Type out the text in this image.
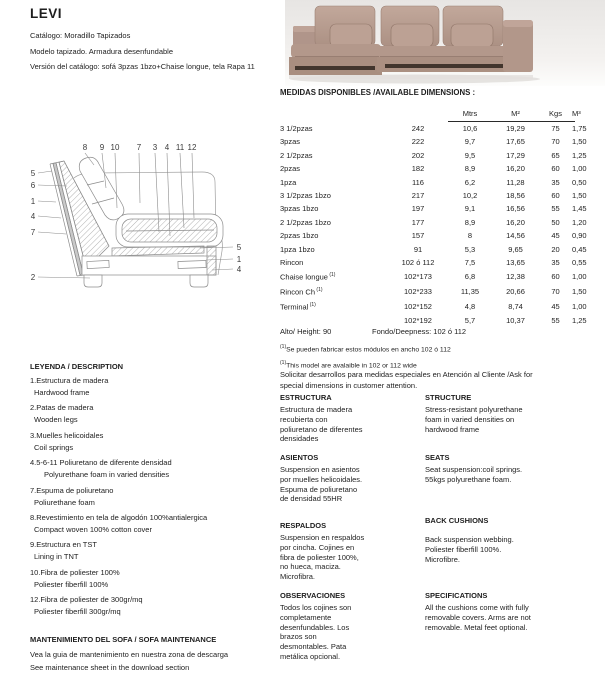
LEVI

Catálogo: Moradillo Tapizados

Modelo tapizado. Armadura desenfundable

Versión del catálogo: sofá 3pzas 1bzo+Chaise longue, tela Rapa 11

8 9 10 7 3 4 11 12
5
6
1
4
7
2
5
1
4
MEDIDAS DISPONIBLES /AVAILABLE DIMENSIONS :
		Mtrs	M²	Kgs	M³
3 1/2pzas	242	10,6	19,29	75	1,75
3pzas	222	9,7	17,65	70	1,50
2 1/2pzas	202	9,5	17,29	65	1,25
2pzas	182	8,9	16,20	60	1,00
1pza	116	6,2	11,28	35	0,50
3 1/2pzas 1bzo	217	10,2	18,56	60	1,50
3pzas 1bzo	197	9,1	16,56	55	1,45
2 1/2pzas 1bzo	177	8,9	16,20	50	1,20
2pzas 1bzo	157	8	14,56	45	0,90
1pza 1bzo	91	5,3	9,65	20	0,45
Rincon	102 ó 112	7,5	13,65	35	0,55
Chaise longue $^{(1)}$	102*173	6,8	12,38	60	1,00
Rincon Ch $^{(1)}$	102*233	11,35	20,66	70	1,50
Terminal $^{(1)}$	102*152	4,8	8,74	45	1,00
	102*192	5,7	10,37	55	1,25
Alto/ Height: 90	Fondo/Deepness: 102 ó 112
$^{(1)}$Se pueden fabricar estos módulos en ancho 102 ó 112
$^{(1)}$This model are avalaible in 102 or 112 wide
Solicitar desarrollos para medidas especiales en Atención al Cliente /Ask for
special dimensions in customer attention.
LEYENDA / DESCRIPTION
1.Estructura de madera
Hardwood frame
2.Patas de madera
Wooden legs
3.Muelles helicoidales
Coil springs
4.5-6-11 Poliuretano de diferente densidad
Polyurethane foam in varied densities
7.Espuma de poliuretano
Poliurethane foam
8.Revestimiento en tela de algodón 100%antialergica
Compact woven 100% cotton cover
9.Estructura en TST
Lining in TNT
10.Fibra de poliester 100%
Poliester fiberfill 100%
12.Fibra de poliester de 300gr/mq
Poliester fiberfill 300gr/mq
ESTRUCTURA
Estructura de madera
recubierta con
poliuretano de diferentes
densidades
STRUCTURE
Stress-resistant polyurethane
foam in varied densities on
hardwood frame
ASIENTOS
Suspension en asientos
por muelles helicoidales.
Espuma de poliuretano
de densidad 55HR
SEATS
Seat suspension:coil springs.
55kgs polyurethane foam.
RESPALDOS
Suspension en respaldos
por cincha. Cojines en
fibra de poliester 100%,
no hueca, maciza.
Microfibra.
BACK CUSHIONS
Back suspension webbing.
Poliester fiberfill 100%.
Microfibre.
OBSERVACIONES
Todos los cojines son
completamente
desenfundables. Los
brazos son
desmontables. Pata
metálica opcional.
SPECIFICATIONS
All the cushions come with fully
removable covers. Arms are not
removable. Metal feet optional.
MANTENIMIENTO DEL SOFA / SOFA MAINTENANCE
Vea la guia de mantenimiento en nuestra zona de descarga
See maintenance sheet in the download section
